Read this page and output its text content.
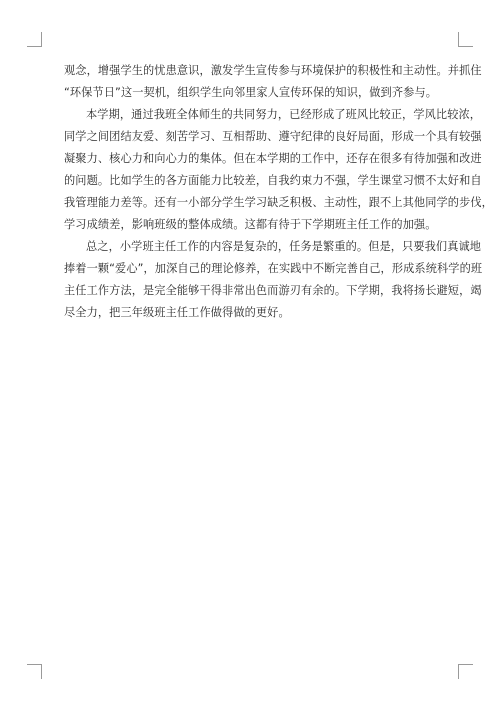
观念，增强学生的忧患意识，激发学生宣传参与环境保护的积极性和主动性。并抓住
“环保节日”这一契机，组织学生向邻里家人宣传环保的知识，做到齐参与。
本学期，通过我班全体师生的共同努力，已经形成了班风比较正，学风比较浓，
同学之间团结友爱、刻苦学习、互相帮助、遵守纪律的良好局面，形成一个具有较强
凝聚力、核心力和向心力的集体。但在本学期的工作中，还存在很多有待加强和改进
的问题。比如学生的各方面能力比较差，自我约束力不强，学生课堂习惯不太好和自
我管理能力差等。还有一小部分学生学习缺乏积极、主动性，跟不上其他同学的步伐，
学习成绩差，影响班级的整体成绩。这都有待于下学期班主任工作的加强。
总之，小学班主任工作的内容是复杂的，任务是繁重的。但是，只要我们真诚地
捧着一颗“爱心”，加深自己的理论修养，在实践中不断完善自己，形成系统科学的班
主任工作方法，是完全能够干得非常出色而游刃有余的。下学期，我将扬长避短，竭
尽全力，把三年级班主任工作做得做的更好。
